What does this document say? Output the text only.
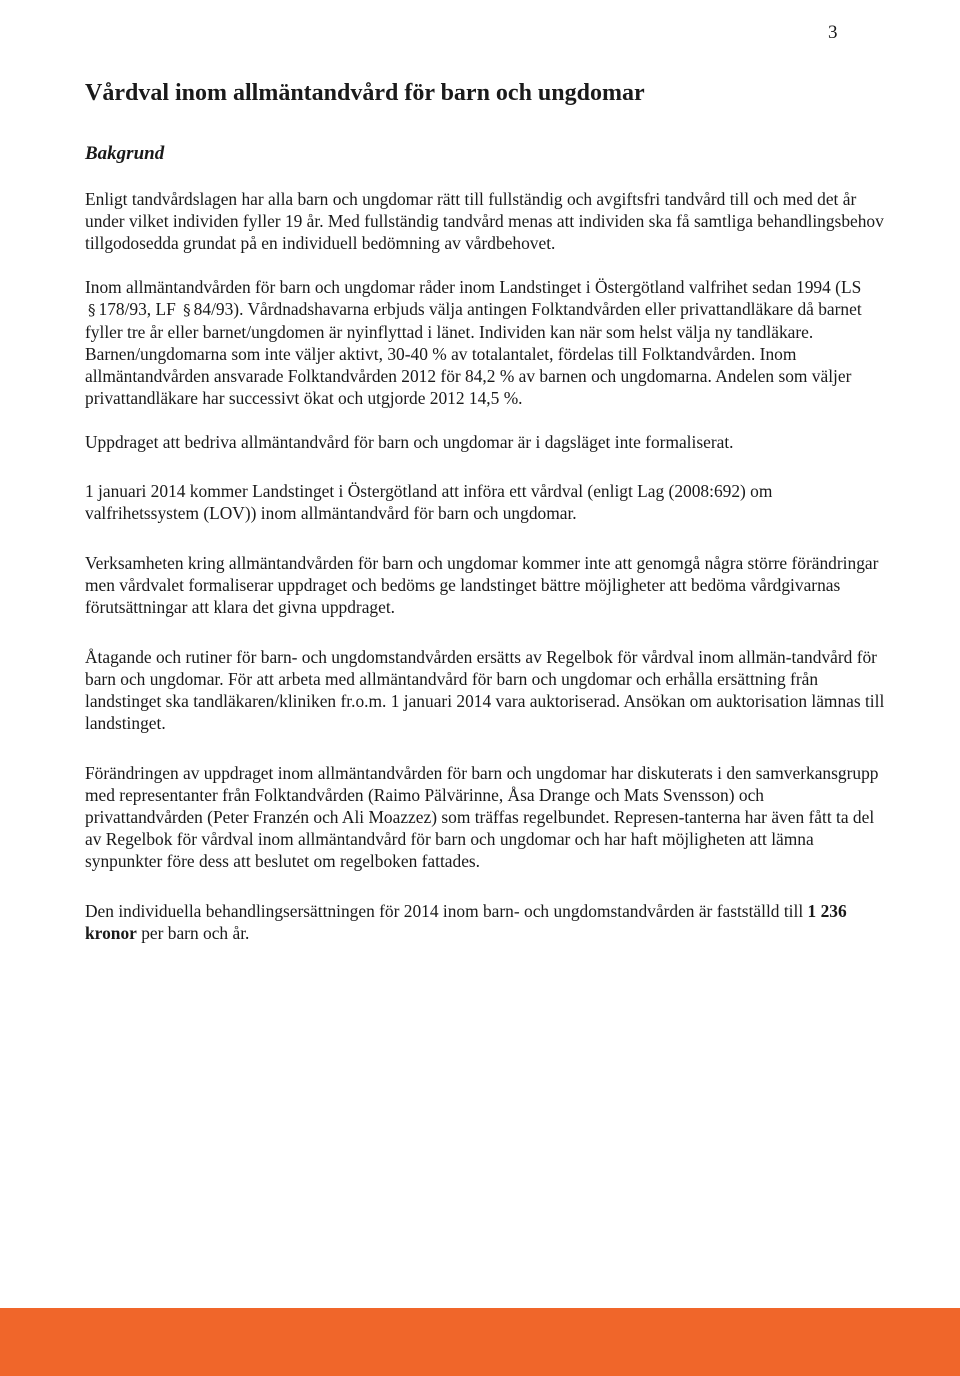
3
Vårdval inom allmäntandvård för barn och ungdomar
Bakgrund

Enligt tandvårdslagen har alla barn och ungdomar rätt till fullständig och avgiftsfri tandvård till och med det år under vilket individen fyller 19 år. Med fullständig tandvård menas att individen ska få samtliga behandlingsbehov tillgodosedda grundat på en individuell bedömning av vårdbehovet.

Inom allmäntandvården för barn och ungdomar råder inom Landstinget i Östergötland valfrihet sedan 1994 (LS § 178/93, LF § 84/93). Vårdnadshavarna erbjuds välja antingen Folktandvården eller privattandläkare då barnet fyller tre år eller barnet/ungdomen är nyinflyttad i länet. Individen kan när som helst välja ny tandläkare. Barnen/ungdomarna som inte väljer aktivt, 30-40 % av totalantalet, fördelas till Folktandvården. Inom allmäntandvården ansvarade Folktandvården 2012 för 84,2 % av barnen och ungdomarna. Andelen som väljer privattandläkare har successivt ökat och utgjorde 2012 14,5 %.

Uppdraget att bedriva allmäntandvård för barn och ungdomar är i dagsläget inte formaliserat.

1 januari 2014 kommer Landstinget i Östergötland att införa ett vårdval (enligt Lag (2008:692) om valfrihetssystem (LOV)) inom allmäntandvård för barn och ungdomar.

Verksamheten kring allmäntandvården för barn och ungdomar kommer inte att genomgå några större förändringar men vårdvalet formaliserar uppdraget och bedöms ge landstinget bättre möjligheter att bedöma vårdgivarnas förutsättningar att klara det givna uppdraget.

Åtagande och rutiner för barn- och ungdomstandvården ersätts av Regelbok för vårdval inom allmän-tandvård för barn och ungdomar. För att arbeta med allmäntandvård för barn och ungdomar och erhålla ersättning från landstinget ska tandläkaren/kliniken fr.o.m. 1 januari 2014 vara auktoriserad. Ansökan om auktorisation lämnas till landstinget.

Förändringen av uppdraget inom allmäntandvården för barn och ungdomar har diskuterats i den samverkansgrupp med representanter från Folktandvården (Raimo Pälvärinne, Åsa Drange och Mats Svensson) och privattandvården (Peter Franzén och Ali Moazzez) som träffas regelbundet. Represen-tanterna har även fått ta del av Regelbok för vårdval inom allmäntandvård för barn och ungdomar och har haft möjligheten att lämna synpunkter före dess att beslutet om regelboken fattades.

Den individuella behandlingsersättningen för 2014 inom barn- och ungdomstandvården är fastställd till 1 236 kronor per barn och år.
